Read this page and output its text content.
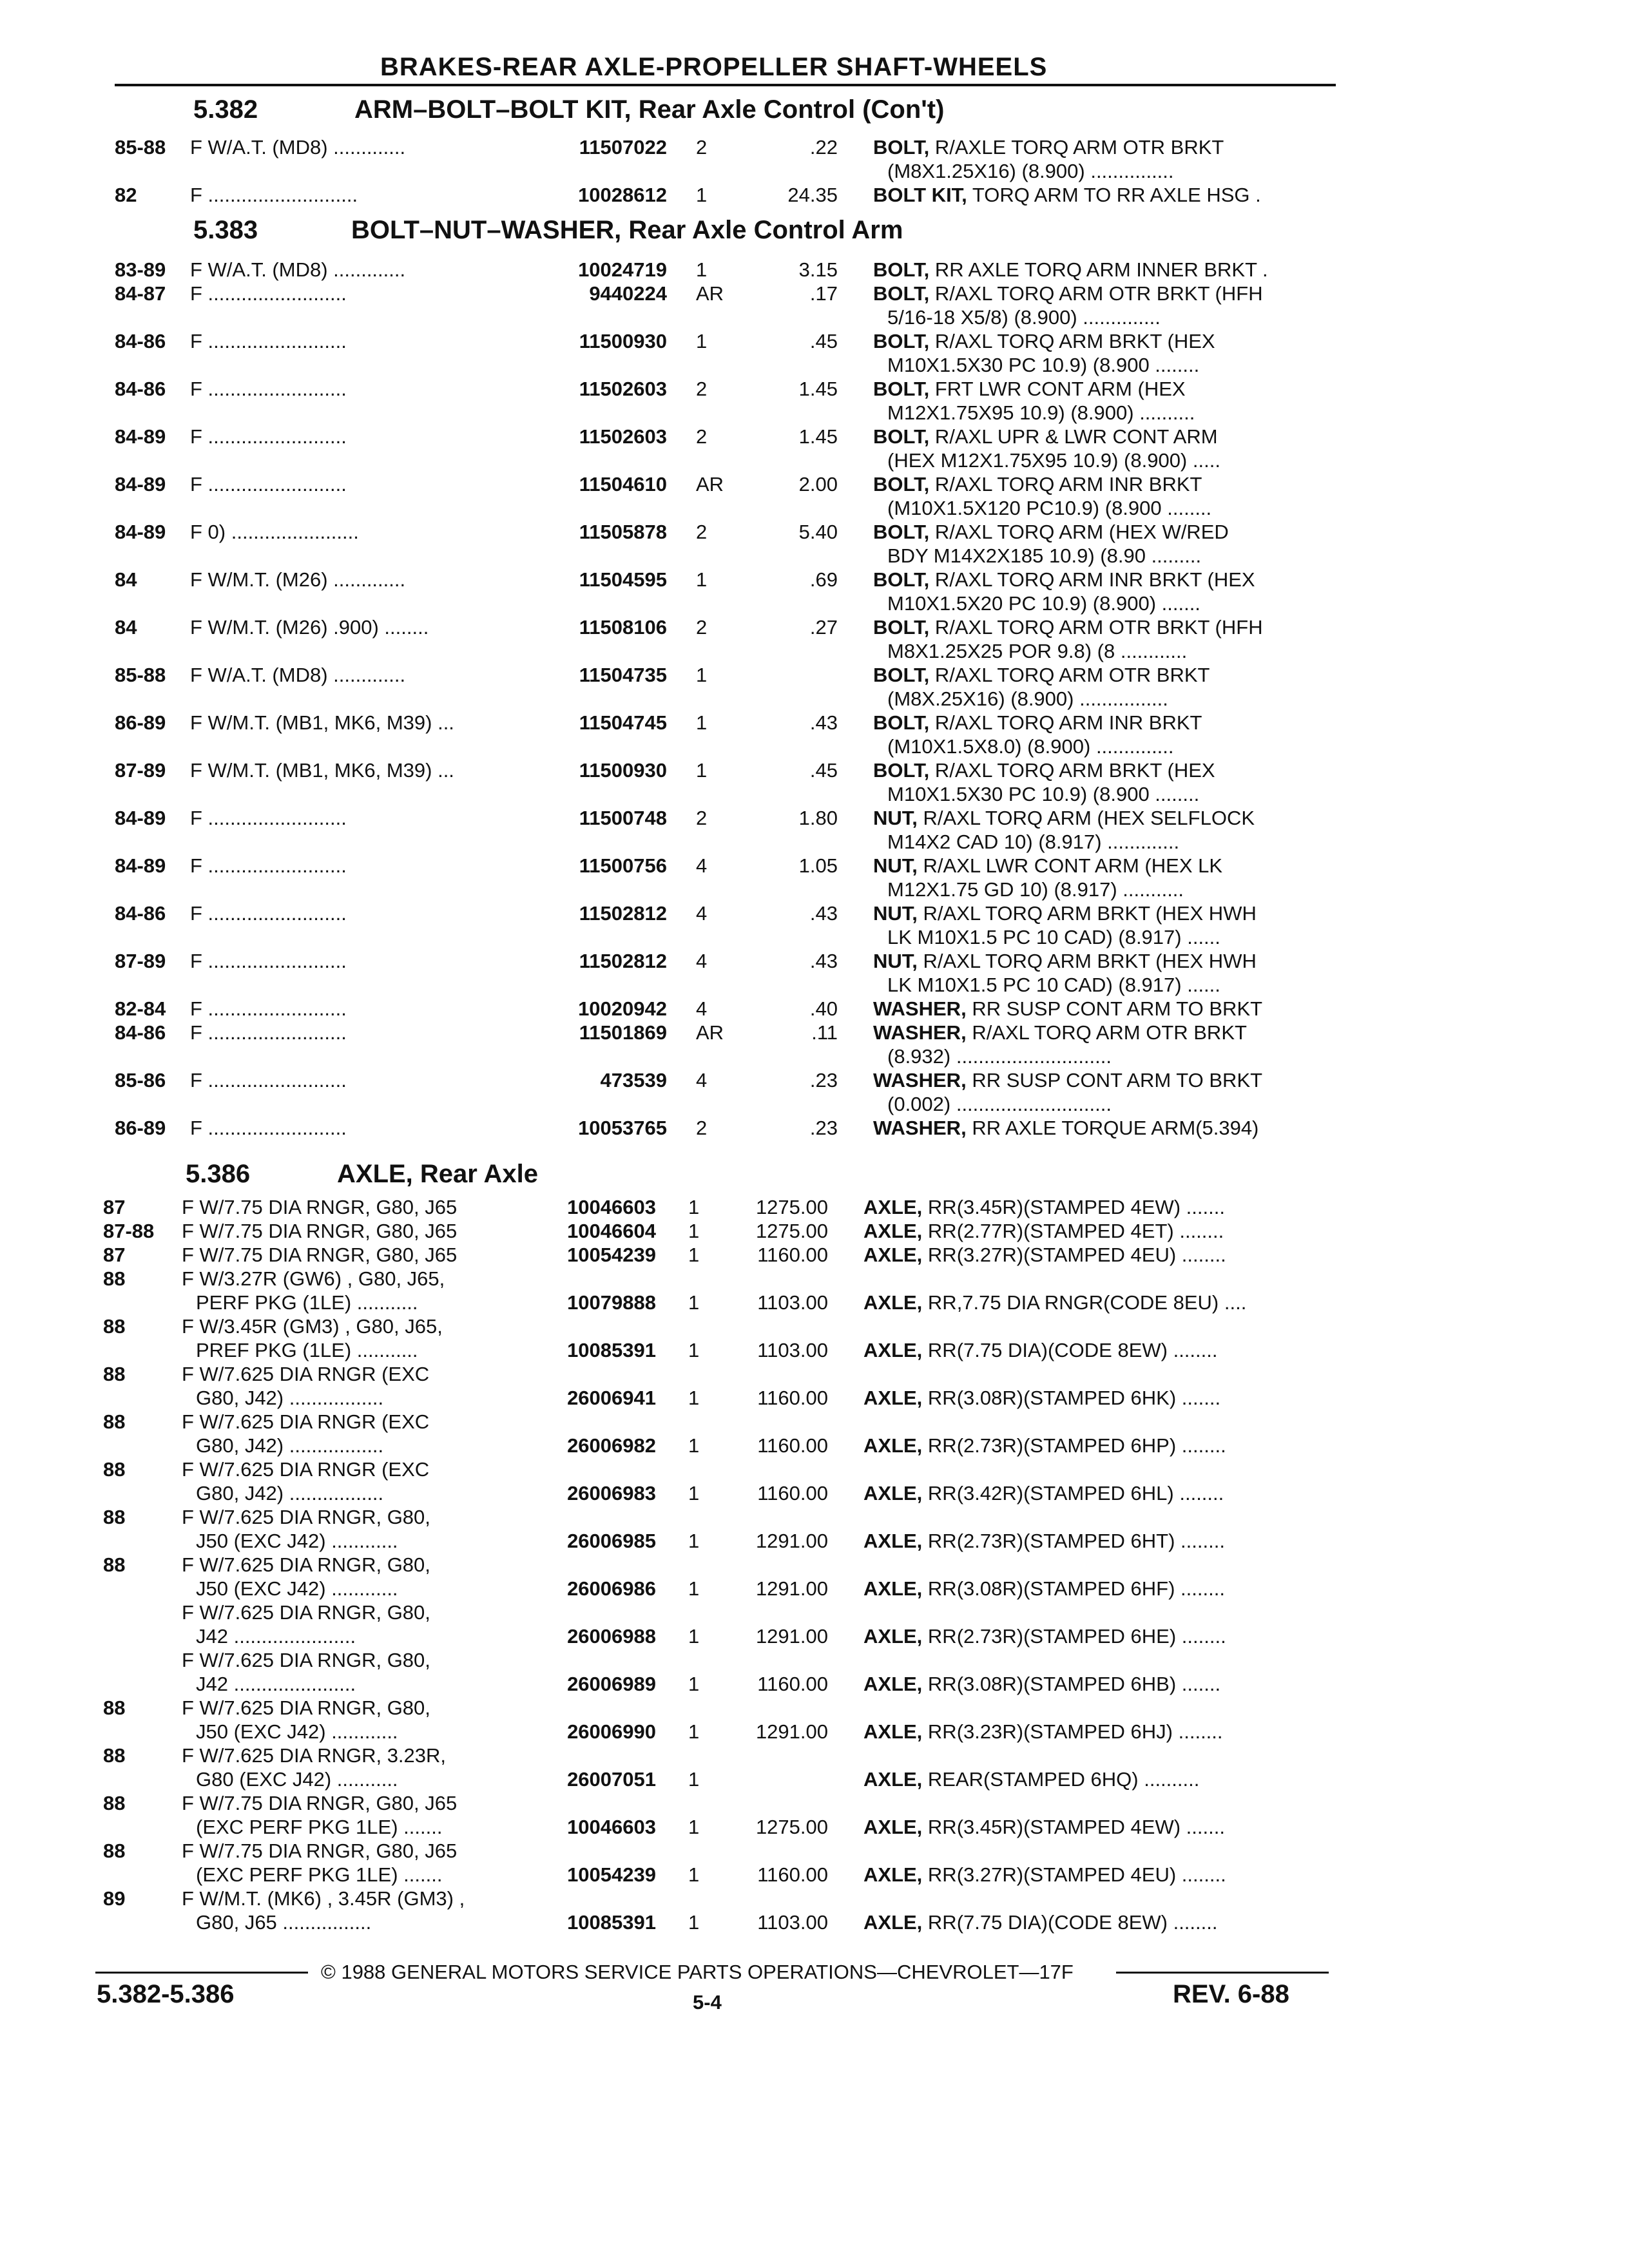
BRAKES-REAR AXLE-PROPELLER SHAFT-WHEELS
5.382	ARM–BOLT–BOLT KIT, Rear Axle Control (Con't)
85-88 F W/A.T. (MD8) .............	11507022 2	.22 BOLT, R/AXLE TORQ ARM OTR BRKT
(M8X1.25X16) (8.900) ...............
82	F ...........................	10028612 1	24.35 BOLT KIT, TORQ ARM TO RR AXLE HSG .
5.383	BOLT–NUT–WASHER, Rear Axle Control Arm
83-89 F W/A.T. (MD8) .............	10024719 1	3.15 BOLT, RR AXLE TORQ ARM INNER BRKT .
84-87 F .........................	9440224 AR	.17 BOLT, R/AXL TORQ ARM OTR BRKT (HFH
5/16-18 X5/8) (8.900) ..............
84-86 F .........................	11500930 1	.45 BOLT, R/AXL TORQ ARM BRKT (HEX
M10X1.5X30 PC 10.9) (8.900 ........
84-86 F .........................	11502603 2	1.45 BOLT, FRT LWR CONT ARM (HEX
M12X1.75X95 10.9) (8.900) ..........
84-89 F .........................	11502603 2	1.45 BOLT, R/AXL UPR & LWR CONT ARM
(HEX M12X1.75X95 10.9) (8.900) .....
84-89 F .........................	11504610 AR	2.00 BOLT, R/AXL TORQ ARM INR BRKT
(M10X1.5X120 PC10.9) (8.900 ........
84-89 F 0) .......................	11505878 2	5.40 BOLT, R/AXL TORQ ARM (HEX W/RED
BDY M14X2X185 10.9) (8.90 .........
84	F W/M.T. (M26) .............	11504595 1	.69 BOLT, R/AXL TORQ ARM INR BRKT (HEX
M10X1.5X20 PC 10.9) (8.900) .......
84	F W/M.T. (M26) .900) ........	11508106 2	.27 BOLT, R/AXL TORQ ARM OTR BRKT (HFH
M8X1.25X25 POR 9.8) (8 ............
85-88 F W/A.T. (MD8) .............	11504735 1	BOLT, R/AXL TORQ ARM OTR BRKT
(M8X.25X16) (8.900) ................
86-89 F W/M.T. (MB1, MK6, M39) ...	11504745 1	.43 BOLT, R/AXL TORQ ARM INR BRKT
(M10X1.5X8.0) (8.900) ..............
87-89 F W/M.T. (MB1, MK6, M39) ...	11500930 1	.45 BOLT, R/AXL TORQ ARM BRKT (HEX
M10X1.5X30 PC 10.9) (8.900 ........
84-89 F .........................	11500748 2	1.80 NUT, R/AXL TORQ ARM (HEX SELFLOCK
M14X2 CAD 10) (8.917) .............
84-89 F .........................	11500756 4	1.05 NUT, R/AXL LWR CONT ARM (HEX LK
M12X1.75 GD 10) (8.917) ...........
84-86 F .........................	11502812 4	.43 NUT, R/AXL TORQ ARM BRKT (HEX HWH
LK M10X1.5 PC 10 CAD) (8.917) ......
87-89 F .........................	11502812 4	.43 NUT, R/AXL TORQ ARM BRKT (HEX HWH
LK M10X1.5 PC 10 CAD) (8.917) ......
82-84 F .........................	10020942 4	.40 WASHER, RR SUSP CONT ARM TO BRKT
84-86 F .........................	11501869 AR	.11 WASHER, R/AXL TORQ ARM OTR BRKT
(8.932) ............................
85-86 F .........................	473539 4	.23 WASHER, RR SUSP CONT ARM TO BRKT
(0.002) ............................
86-89 F .........................	10053765 2	.23 WASHER, RR AXLE TORQUE ARM(5.394)
5.386	AXLE, Rear Axle
87	F W/7.75 DIA RNGR, G80, J65	10046603 1	1275.00 AXLE, RR(3.45R)(STAMPED 4EW) .......
87-88 F W/7.75 DIA RNGR, G80, J65	10046604 1	1275.00 AXLE, RR(2.77R)(STAMPED 4ET) ........
87	F W/7.75 DIA RNGR, G80, J65	10054239 1	1160.00 AXLE, RR(3.27R)(STAMPED 4EU) ........
88	F W/3.27R (GW6) , G80, J65,
PERF PKG (1LE) ...........	10079888 1	1103.00 AXLE, RR,7.75 DIA RNGR(CODE 8EU) ....
88	F W/3.45R (GM3) , G80, J65,
PREF PKG (1LE) ...........	10085391 1	1103.00 AXLE, RR(7.75 DIA)(CODE 8EW) ........
88	F W/7.625 DIA RNGR (EXC
G80, J42) .................	26006941 1	1160.00 AXLE, RR(3.08R)(STAMPED 6HK) .......
88	F W/7.625 DIA RNGR (EXC
G80, J42) .................	26006982 1	1160.00 AXLE, RR(2.73R)(STAMPED 6HP) ........
88	F W/7.625 DIA RNGR (EXC
G80, J42) .................	26006983 1	1160.00 AXLE, RR(3.42R)(STAMPED 6HL) ........
88	F W/7.625 DIA RNGR, G80,
J50 (EXC J42) ............	26006985 1	1291.00 AXLE, RR(2.73R)(STAMPED 6HT) ........
88	F W/7.625 DIA RNGR, G80,
J50 (EXC J42) ............	26006986 1	1291.00 AXLE, RR(3.08R)(STAMPED 6HF) ........
F W/7.625 DIA RNGR, G80,
J42 ......................	26006988 1	1291.00 AXLE, RR(2.73R)(STAMPED 6HE) ........
F W/7.625 DIA RNGR, G80,
J42 ......................	26006989 1	1160.00 AXLE, RR(3.08R)(STAMPED 6HB) .......
88	F W/7.625 DIA RNGR, G80,
J50 (EXC J42) ............	26006990 1	1291.00 AXLE, RR(3.23R)(STAMPED 6HJ) ........
88	F W/7.625 DIA RNGR, 3.23R,
G80 (EXC J42) ...........	26007051 1	AXLE, REAR(STAMPED 6HQ) ..........
88	F W/7.75 DIA RNGR, G80, J65
(EXC PERF PKG 1LE) .......	10046603 1	1275.00 AXLE, RR(3.45R)(STAMPED 4EW) .......
88	F W/7.75 DIA RNGR, G80, J65
(EXC PERF PKG 1LE) .......	10054239 1	1160.00 AXLE, RR(3.27R)(STAMPED 4EU) ........
89	F W/M.T. (MK6) , 3.45R (GM3) ,
G80, J65 ................	10085391 1	1103.00 AXLE, RR(7.75 DIA)(CODE 8EW) ........
© 1988 GENERAL MOTORS SERVICE PARTS OPERATIONS—CHEVROLET—17F
5.382-5.386	5-4	REV. 6-88
